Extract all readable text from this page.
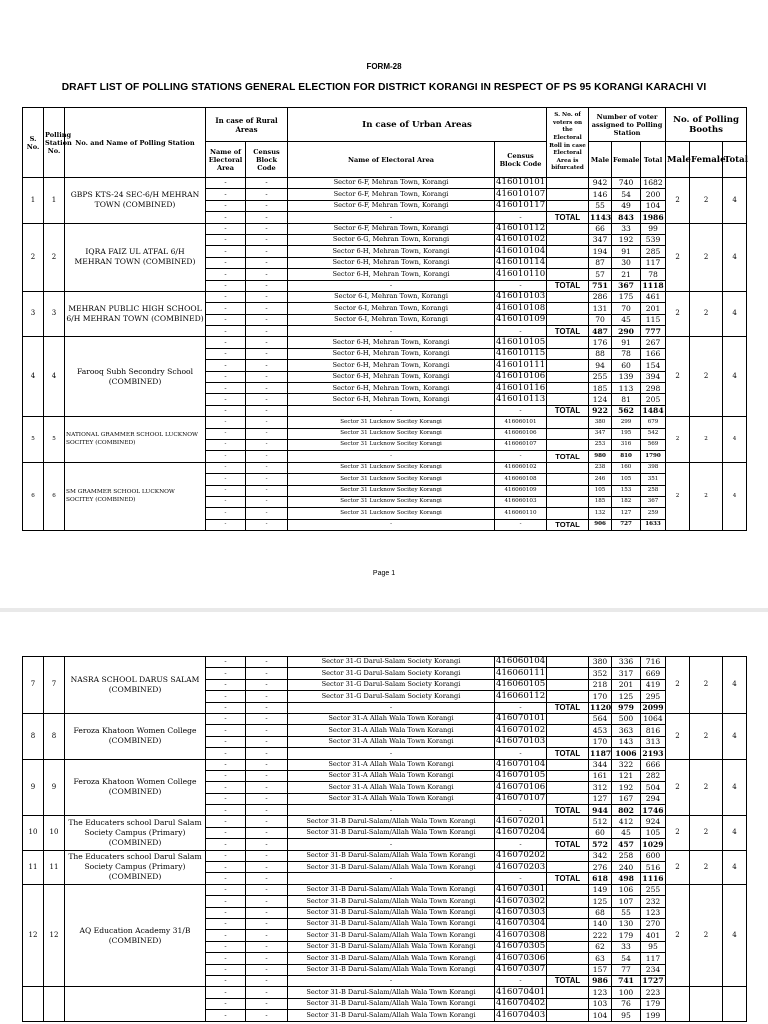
FORM-28
DRAFT LIST OF POLLING STATIONS GENERAL ELECTION FOR DISTRICT KORANGI IN RESPECT OF PS 95 KORANGI KARACHI VI
S. No.	Polling Station No.	No. and Name of Polling Station	In case of Rural Areas		In case of Urban Areas		S. No. of voters on the Electoral Roll in case Electoral Area is bifurcated	Number of voter assigned to Polling Station			No. of Polling Booths		
			Name of Electoral Area	Census Block Code	Name of Electoral Area	Census Block Code		Male	Female	Total	Male	Female	Total
1	1	GBPS KTS-24 SEC-6/H MEHRAN TOWN (COMBINED)	-	-	Sector 6-F, Mehran Town, Korangi	416010101		942	740	1682	2	2	4
			-	-	Sector 6-F, Mehran Town, Korangi	416010107		146	54	200			
			-	-	Sector 6-F, Mehran Town, Korangi	416010117		55	49	104			
			-	-	-	-	TOTAL	1143	843	1986			
2	2	IQRA FAIZ UL ATFAL 6/H MEHRAN TOWN (COMBINED)	-	-	Sector 6-F, Mehran Town, Korangi	416010112		66	33	99	2	2	4
			-	-	Sector 6-G, Mehran Town, Korangi	416010102		347	192	539			
			-	-	Sector 6-H, Mehran Town, Korangi	416010104		194	91	285			
			-	-	Sector 6-H, Mehran Town, Korangi	416010114		87	30	117			
			-	-	Sector 6-H, Mehran Town, Korangi	416010110		57	21	78			
			-	-	-	-	TOTAL	751	367	1118			
3	3	MEHRAN PUBLIC HIGH SCHOOL 6/H MEHRAN TOWN (COMBINED)	-	-	Sector 6-I, Mehran Town, Korangi	416010103		286	175	461	2	2	4
			-	-	Sector 6-I, Mehran Town, Korangi	416010108		131	70	201			
			-	-	Sector 6-I, Mehran Town, Korangi	416010109		70	45	115			
			-	-	-	-	TOTAL	487	290	777			
4	4	Farooq Subh Secondry School (COMBINED)	-	-	Sector 6-H, Mehran Town, Korangi	416010105		176	91	267	2	2	4
			-	-	Sector 6-H, Mehran Town, Korangi	416010115		88	78	166			
			-	-	Sector 6-H, Mehran Town, Korangi	416010111		94	60	154			
			-	-	Sector 6-H, Mehran Town, Korangi	416010106		255	139	394			
			-	-	Sector 6-H, Mehran Town, Korangi	416010116		185	113	298			
			-	-	Sector 6-H, Mehran Town, Korangi	416010113		124	81	205			
			-	-	-	-	TOTAL	922	562	1484			
5	5	NATIONAL GRAMMER SCHOOL LUCKNOW SOCITEY (COMBINED)	-	-	Sector 31 Lucknow Socitey Korangi	416060101		380	299	679	2	2	4
			-	-	Sector 31 Lucknow Socitey Korangi	416060106		347	195	542			
			-	-	Sector 31 Lucknow Socitey Korangi	416060107		253	316	569			
			-	-	-	-	TOTAL	980	810	1790			
6	6	SM GRAMMER SCHOOL LUCKNOW SOCITEY (COMBINED)	-	-	Sector 31 Lucknow Socitey Korangi	416060102		238	160	398	2	2	4
			-	-	Sector 31 Lucknow Socitey Korangi	416060108		246	105	351			
			-	-	Sector 31 Lucknow Socitey Korangi	416060109		105	153	258			
			-	-	Sector 31 Lucknow Socitey Korangi	416060103		185	182	367			
			-	-	Sector 31 Lucknow Socitey Korangi	416060110		132	127	259			
			-	-	-	-	TOTAL	906	727	1633			
Page 1
7	7	NASRA SCHOOL DARUS SALAM (COMBINED)	-	-	Sector 31-G Darul-Salam Society Korangi	416060104		380	336	716	2	2	4
			-	-	Sector 31-G Darul-Salam Society Korangi	416060111		352	317	669			
			-	-	Sector 31-G Darul-Salam Society Korangi	416060105		218	201	419			
			-	-	Sector 31-G Darul-Salam Society Korangi	416060112		170	125	295			
			-	-	-	-	TOTAL	1120	979	2099			
8	8	Feroza Khatoon Women College (COMBINED)	-	-	Sector 31-A Allah Wala Town Korangi	416070101		564	500	1064	2	2	4
			-	-	Sector 31-A Allah Wala Town Korangi	416070102		453	363	816			
			-	-	Sector 31-A Allah Wala Town Korangi	416070103		170	143	313			
			-	-	-	-	TOTAL	1187	1006	2193			
9	9	Feroza Khatoon Women College (COMBINED)	-	-	Sector 31-A Allah Wala Town Korangi	416070104		344	322	666	2	2	4
			-	-	Sector 31-A Allah Wala Town Korangi	416070105		161	121	282			
			-	-	Sector 31-A Allah Wala Town Korangi	416070106		312	192	504			
			-	-	Sector 31-A Allah Wala Town Korangi	416070107		127	167	294			
			-	-	-	-	TOTAL	944	802	1746			
10	10	The Educaters school Darul Salam Society Campus (Primary) (COMBINED)	-	-	Sector 31-B Darul-Salam/Allah Wala Town Korangi	416070201		512	412	924	2	2	4
			-	-	Sector 31-B Darul-Salam/Allah Wala Town Korangi	416070204		60	45	105			
			-	-	-	-	TOTAL	572	457	1029			
11	11	The Educaters school Darul Salam Society Campus (Primary) (COMBINED)	-	-	Sector 31-B Darul-Salam/Allah Wala Town Korangi	416070202		342	258	600	2	2	4
			-	-	Sector 31-B Darul-Salam/Allah Wala Town Korangi	416070203		276	240	516			
			-	-	-	-	TOTAL	618	498	1116			
12	12	AQ Education Academy 31/B (COMBINED)	-	-	Sector 31-B Darul-Salam/Allah Wala Town Korangi	416070301		149	106	255	2	2	4
			-	-	Sector 31-B Darul-Salam/Allah Wala Town Korangi	416070302		125	107	232			
			-	-	Sector 31-B Darul-Salam/Allah Wala Town Korangi	416070303		68	55	123			
			-	-	Sector 31-B Darul-Salam/Allah Wala Town Korangi	416070304		140	130	270			
			-	-	Sector 31-B Darul-Salam/Allah Wala Town Korangi	416070308		222	179	401			
			-	-	Sector 31-B Darul-Salam/Allah Wala Town Korangi	416070305		62	33	95			
			-	-	Sector 31-B Darul-Salam/Allah Wala Town Korangi	416070306		63	54	117			
			-	-	Sector 31-B Darul-Salam/Allah Wala Town Korangi	416070307		157	77	234			
			-	-	-	-	TOTAL	986	741	1727			
			-	-	Sector 31-B Darul-Salam/Allah Wala Town Korangi	416070401		123	100	223			
			-	-	Sector 31-B Darul-Salam/Allah Wala Town Korangi	416070402		103	76	179			
			-	-	Sector 31-B Darul-Salam/Allah Wala Town Korangi	416070403		104	95	199			
